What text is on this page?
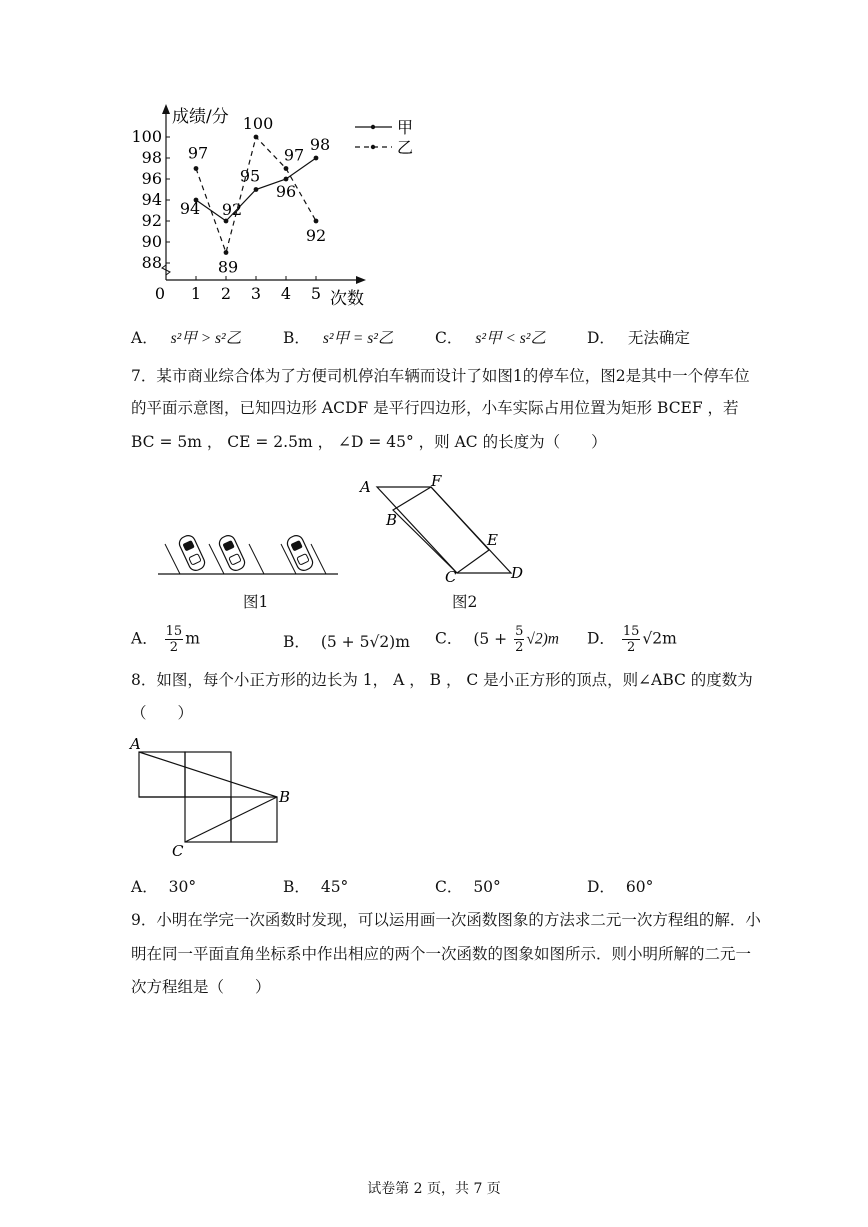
成绩/分
次数
0
88
90
92
94
96
98
100
1 2 3 4 5
94 92
95
96
98
97
89
100
97
92
甲
乙
A． s²甲 > s²乙	B． s²甲 = s²乙	C． s²甲 < s²乙	D． 无法确定
7．某市商业综合体为了方便司机停泊车辆而设计了如图1的停车位，图2是其中一个停车位
的平面示意图，已知四边形 ACDF 是平行四边形，小车实际占用位置为矩形 BCEF ，若
BC = 5m ， CE = 2.5m ， ∠D = 45° ，则 AC 的长度为（　　）
图1
A	F
B
E
C	D
图2
A． $\frac{15}{2}$ m	B． (5 + 5√2)m C． $(5 + \frac{5}{2} √2)m$ D． $\frac{15}{2} √2m$
8．如图，每个小正方形的边长为 1， A ， B ， C 是小正方形的顶点，则∠ABC 的度数为
（　　）
A
B
C
A． 30°	B． 45°	C． 50°	D． 60°
9．小明在学完一次函数时发现，可以运用画一次函数图象的方法求二元一次方程组的解．小
明在同一平面直角坐标系中作出相应的两个一次函数的图象如图所示．则小明所解的二元一
次方程组是（　　）
试卷第 2 页，共 7 页
